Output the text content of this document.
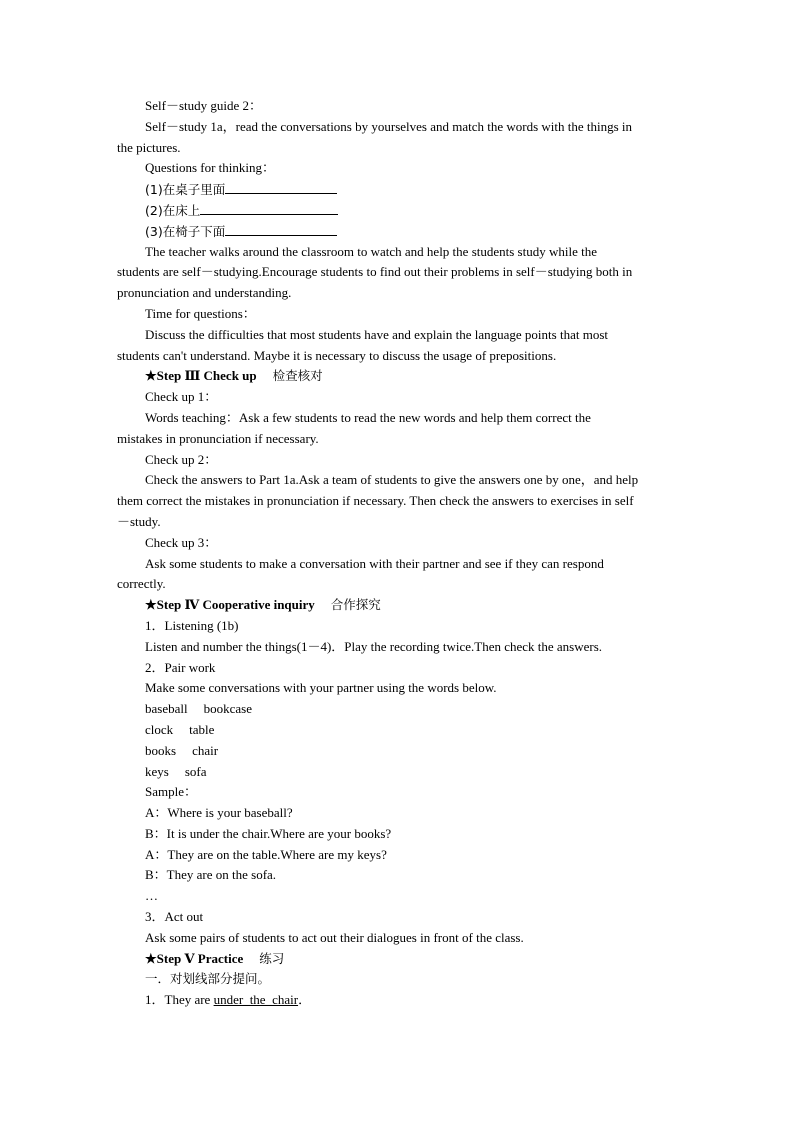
Self－study guide 2：
Self－study 1a，read the conversations by yourselves and match the words with the things in
the pictures.
Questions for thinking：
(1)在桌子里面
(2)在床上
(3)在椅子下面
The teacher walks around the classroom to watch and help the students study while the
students are self－studying.Encourage students to find out their problems in self－studying both in
pronunciation and understanding.
Time for questions：
Discuss the difficulties that most students have and explain the language points that most
students can't understand. Maybe it is necessary to discuss the usage of prepositions.
★Step Ⅲ Check up 检查核对
Check up 1：
Words teaching：Ask a few students to read the new words and help them correct the
mistakes in pronunciation if necessary.
Check up 2：
Check the answers to Part 1a.Ask a team of students to give the answers one by one，and help
them correct the mistakes in pronunciation if necessary. Then check the answers to exercises in self
－study.
Check up 3：
Ask some students to make a conversation with their partner and see if they can respond
correctly.
★Step Ⅳ Cooperative inquiry 合作探究
1．Listening (1b)
Listen and number the things(1－4)．Play the recording twice.Then check the answers.
2．Pair work
Make some conversations with your partner using the words below.
baseball bookcase
clock table
books chair
keys sofa
Sample：
A：Where is your baseball?
B：It is under the chair.Where are your books?
A：They are on the table.Where are my keys?
B：They are on the sofa.
…
3．Act out
Ask some pairs of students to act out their dialogues in front of the class.
★Step Ⅴ Practice 练习
一．对划线部分提问。
1．They are under_the_chair．
